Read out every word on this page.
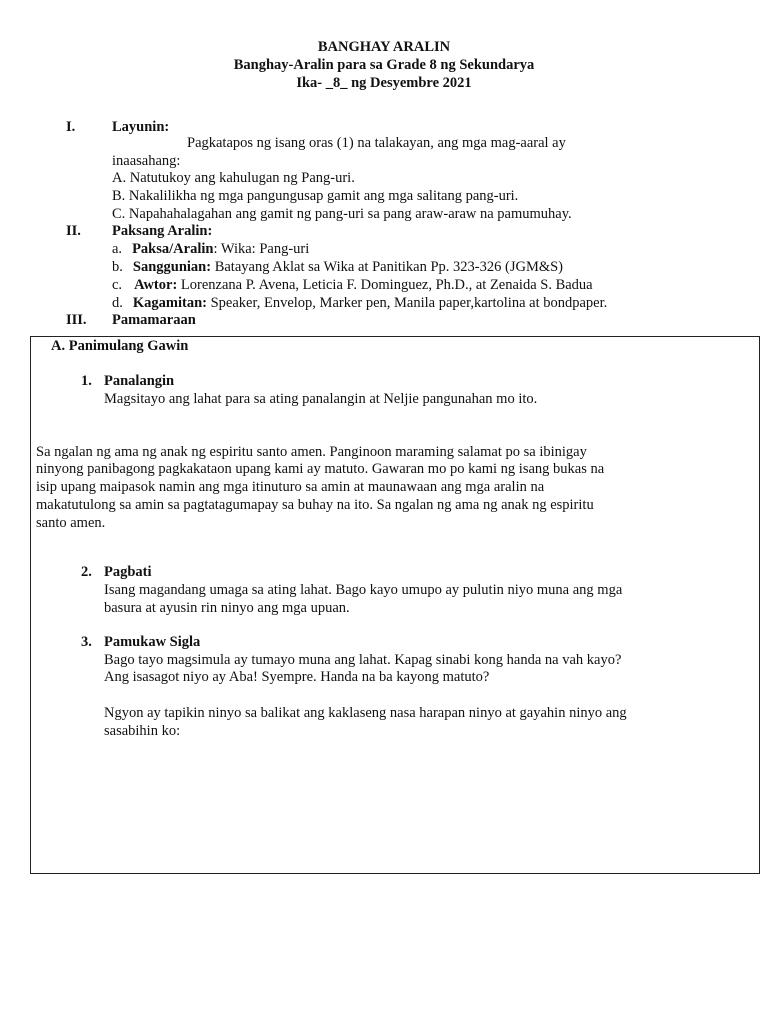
BANGHAY ARALIN
Banghay-Aralin para sa Grade 8 ng Sekundarya
Ika- _8_ ng Desyembre 2021
I.	Layunin:
Pagkatapos ng isang oras (1) na talakayan, ang mga mag-aaral ay
inaasahang:
A. Natutukoy ang kahulugan ng Pang-uri.
B. Nakalilikha ng mga pangungusap gamit ang mga salitang pang-uri.
C. Napahahalagahan ang gamit ng pang-uri sa pang araw-araw na pamumuhay.
II. Paksang Aralin:
a. Paksa/Aralin: Wika: Pang-uri
b. Sanggunian: Batayang Aklat sa Wika at Panitikan Pp. 323-326 (JGM&S)
c. Awtor: Lorenzana P. Avena, Leticia F. Dominguez, Ph.D., at Zenaida S. Badua
d. Kagamitan: Speaker, Envelop, Marker pen, Manila paper,kartolina at bondpaper.
III. Pamamaraan
A. Panimulang Gawin
1. Panalangin
Magsitayo ang lahat para sa ating panalangin at Neljie pangunahan mo ito.
Sa ngalan ng ama ng anak ng espiritu santo amen. Panginoon maraming salamat po sa ibinigay
ninyong panibagong pagkakataon upang kami ay matuto. Gawaran mo po kami ng isang bukas na
isip upang maipasok namin ang mga itinuturo sa amin at maunawaan ang mga aralin na
makatutulong sa amin sa pagtatagumapay sa buhay na ito. Sa ngalan ng ama ng anak ng espiritu
santo amen.
2. Pagbati
Isang magandang umaga sa ating lahat. Bago kayo umupo ay pulutin niyo muna ang mga
basura at ayusin rin ninyo ang mga upuan.
3. Pamukaw Sigla
Bago tayo magsimula ay tumayo muna ang lahat. Kapag sinabi kong handa na vah kayo?
Ang isasagot niyo ay Aba! Syempre. Handa na ba kayong matuto?
Ngyon ay tapikin ninyo sa balikat ang kaklaseng nasa harapan ninyo at gayahin ninyo ang
sasabihin ko:
